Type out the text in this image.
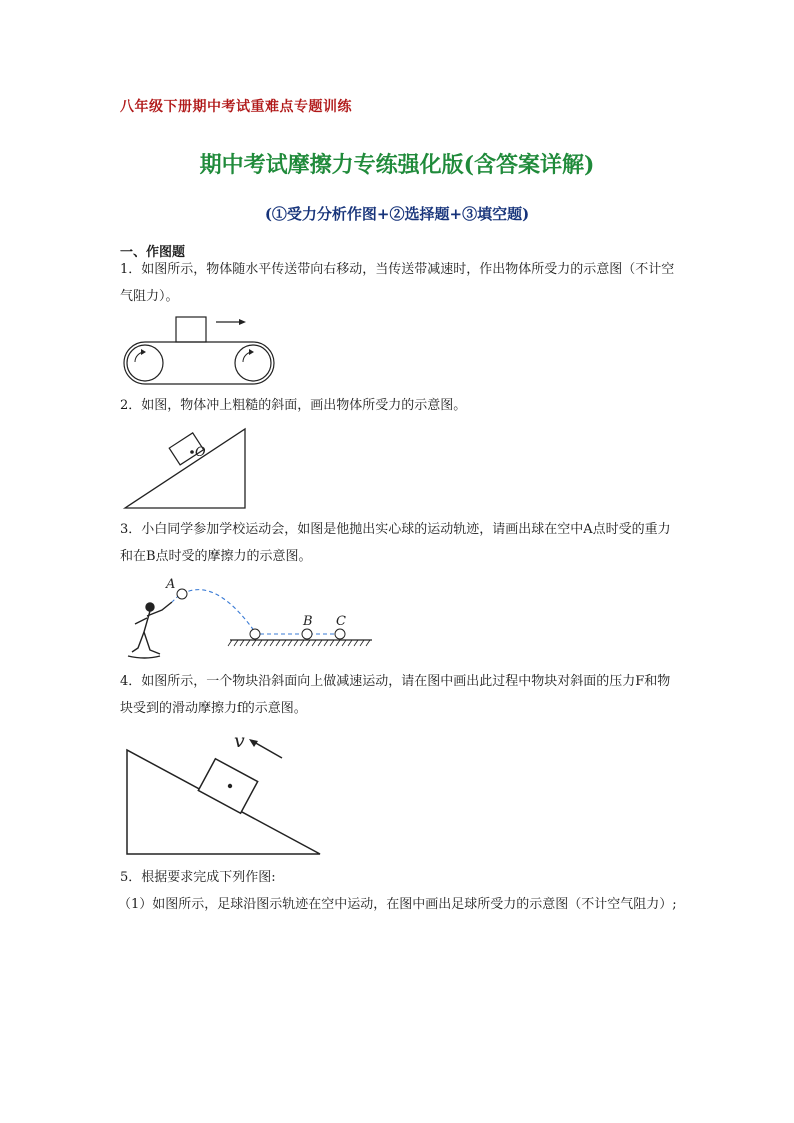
八年级下册期中考试重难点专题训练
期中考试摩擦力专练强化版(含答案详解)
(①受力分析作图+②选择题+③填空题)
一、作图题
1．如图所示，物体随水平传送带向右移动，当传送带减速时，作出物体所受力的示意图（不计空气阻力）。
2．如图，物体冲上粗糙的斜面，画出物体所受力的示意图。
O
3．小白同学参加学校运动会，如图是他抛出实心球的运动轨迹，请画出球在空中A点时受的重力和在B点时受的摩擦力的示意图。
A
B C
4．如图所示，一个物块沿斜面向上做减速运动，请在图中画出此过程中物块对斜面的压力F和物块受到的滑动摩擦力f的示意图。
v
5．根据要求完成下列作图:
（1）如图所示，足球沿图示轨迹在空中运动，在图中画出足球所受力的示意图（不计空气阻力）;
